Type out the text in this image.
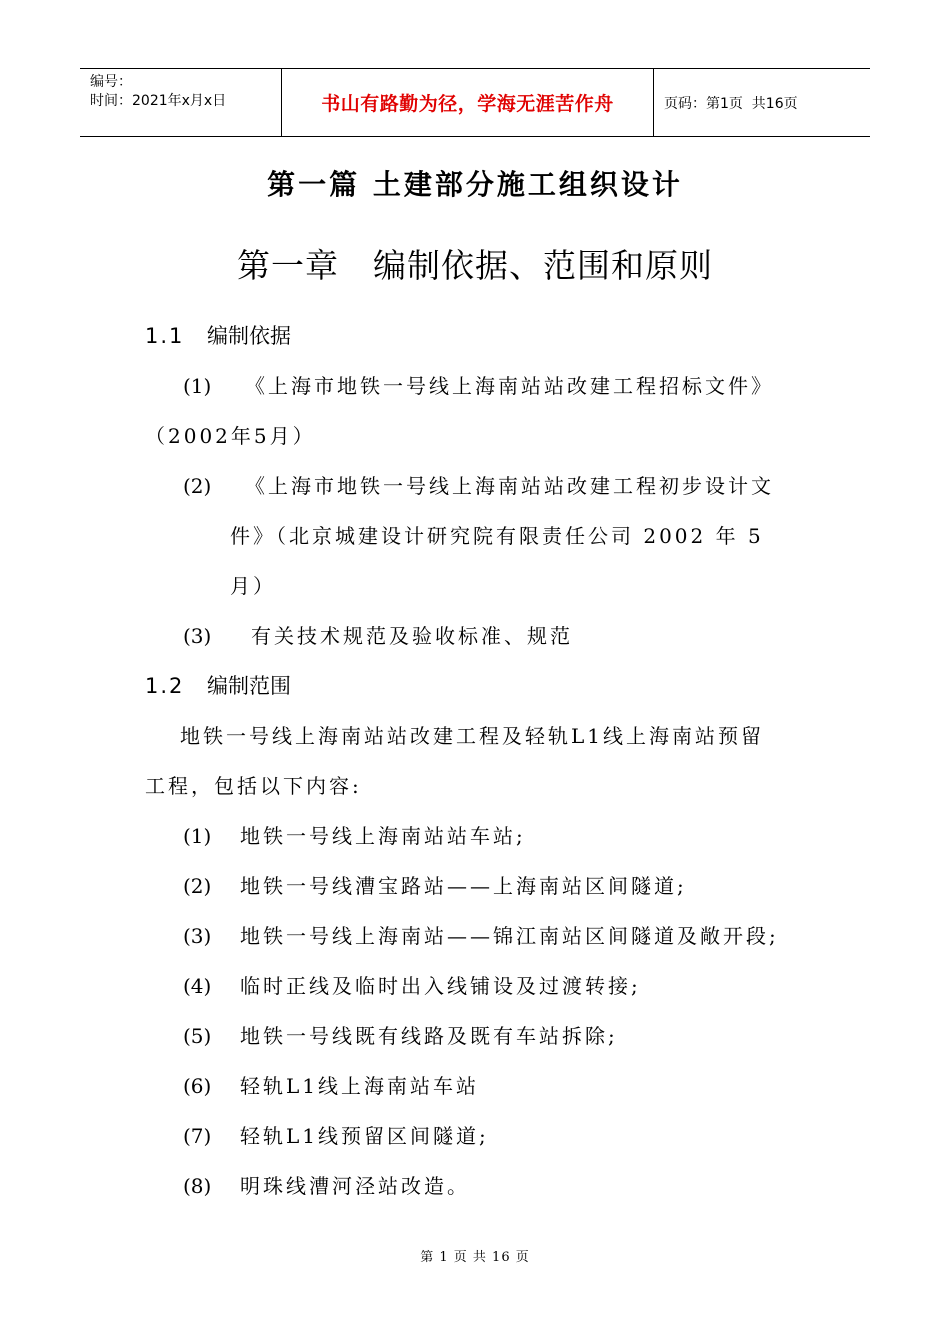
编号：
时间：2021年x月x日	书山有路勤为径，学海无涯苦作舟	页码：第1页  共16页
第一篇 土建部分施工组织设计
第一章 编制依据、范围和原则
1.1 编制依据
(1) 《上海市地铁一号线上海南站站改建工程招标文件》
（2002年5月）
(2) 《上海市地铁一号线上海南站站改建工程初步设计文
件》（北京城建设计研究院有限责任公司 2002 年 5
月）
(3) 有关技术规范及验收标准、规范
1.2 编制范围
地铁一号线上海南站站改建工程及轻轨L1线上海南站预留
工程，包括以下内容:
(1) 地铁一号线上海南站站车站;
(2) 地铁一号线漕宝路站——上海南站区间隧道;
(3) 地铁一号线上海南站——锦江南站区间隧道及敞开段;
(4) 临时正线及临时出入线铺设及过渡转接;
(5) 地铁一号线既有线路及既有车站拆除;
(6) 轻轨L1线上海南站车站
(7) 轻轨L1线预留区间隧道;
(8) 明珠线漕河泾站改造。
第 1 页 共 16 页
